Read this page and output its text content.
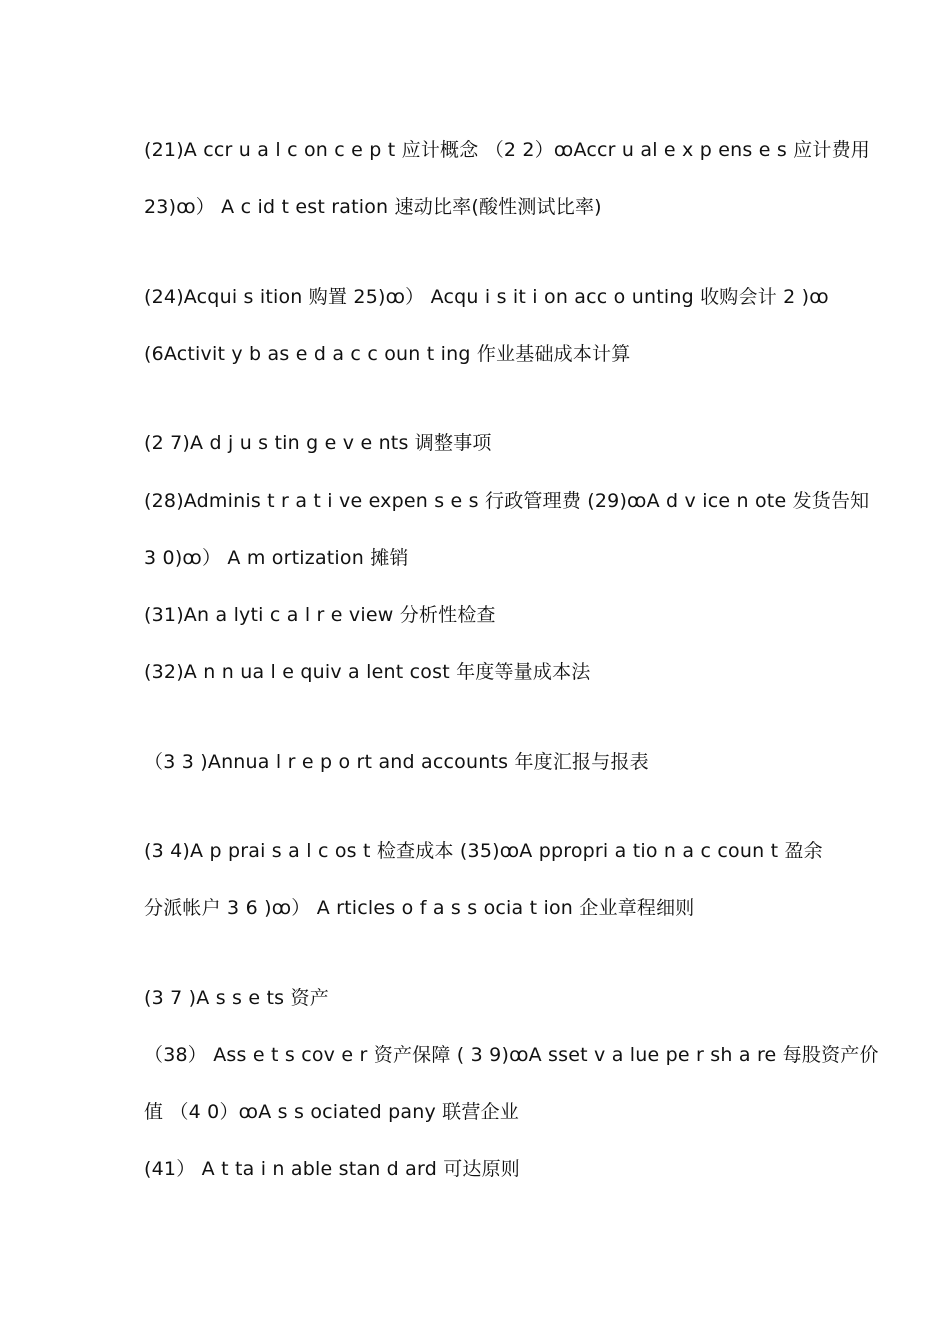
(21)A ccr u a l c on c e p t 应计概念 （2 2）ꝏAccr u al e x p ens e s 应计费用
23)ꝏ） A c id t est ration 速动比率(酸性测试比率)
(24)Acqui s ition 购置 25)ꝏ） Acqu i s it i on acc o unting 收购会计 2 )ꝏ
(6Activit y b as e d a c c oun t ing 作业基础成本计算
(2 7)A d j u s tin g e v e nts 调整事项
(28)Adminis t r a t i ve expen s e s 行政管理费 (29)ꝏA d v ice n ote 发货告知
3 0)ꝏ） A m ortization 摊销
(31)An a lyti c a l r e view 分析性检查
(32)A n n ua l e quiv a lent cost 年度等量成本法
（3 3 )Annua l r e p o rt and accounts 年度汇报与报表
(3 4)A p prai s a l c os t 检查成本 (35)ꝏA ppropri a tio n a c coun t 盈余
分派帐户 3 6 )ꝏ） A rticles o f a s s ocia t ion 企业章程细则
(3 7 )A s s e ts 资产
（38） Ass e t s cov e r 资产保障 ( 3 9)ꝏA sset v a lue pe r sh a re 每股资产价
值 （4 0）ꝏA s s ociated pany 联营企业
(41） A t ta i n able stan d ard 可达原则
